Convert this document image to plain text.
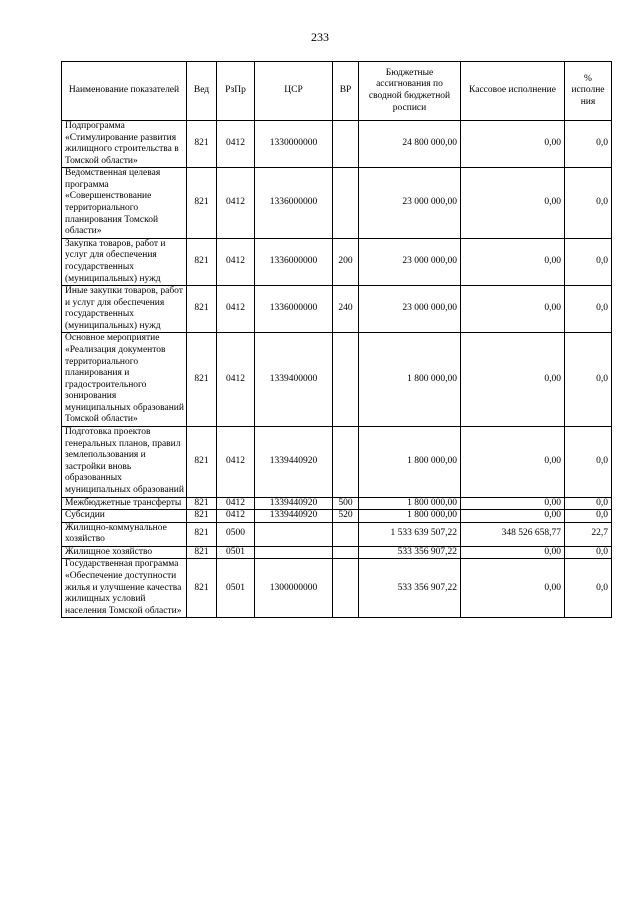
233
Наименование показателей	Вед	РзПр	ЦСР	ВР	Бюджетные ассигнования по сводной бюджетной росписи	Кассовое исполнение	% исполне ния
Подпрограмма «Стимулирование развития жилищного строительства в Томской области»	821	0412	1330000000		24 800 000,00	0,00	0,0
Ведомственная целевая программа «Совершенствование территориального планирования Томской области»	821	0412	1336000000		23 000 000,00	0,00	0,0
Закупка товаров, работ и услуг для обеспечения государственных (муниципальных) нужд	821	0412	1336000000	200	23 000 000,00	0,00	0,0
Иные закупки товаров, работ и услуг для обеспечения государственных (муниципальных) нужд	821	0412	1336000000	240	23 000 000,00	0,00	0,0
Основное мероприятие «Реализация документов территориального планирования и градостроительного зонирования муниципальных образований Томской области»	821	0412	1339400000		1 800 000,00	0,00	0,0
Подготовка проектов генеральных планов, правил землепользования и застройки вновь образованных муниципальных образований	821	0412	1339440920		1 800 000,00	0,00	0,0
Межбюджетные трансферты	821	0412	1339440920	500	1 800 000,00	0,00	0,0
Субсидии	821	0412	1339440920	520	1 800 000,00	0,00	0,0
Жилищно-коммунальное хозяйство	821	0500			1 533 639 507,22	348 526 658,77	22,7
Жилищное хозяйство	821	0501			533 356 907,22	0,00	0,0
Государственная программа «Обеспечение доступности жилья и улучшение качества жилищных условий населения Томской области»	821	0501	1300000000		533 356 907,22	0,00	0,0
